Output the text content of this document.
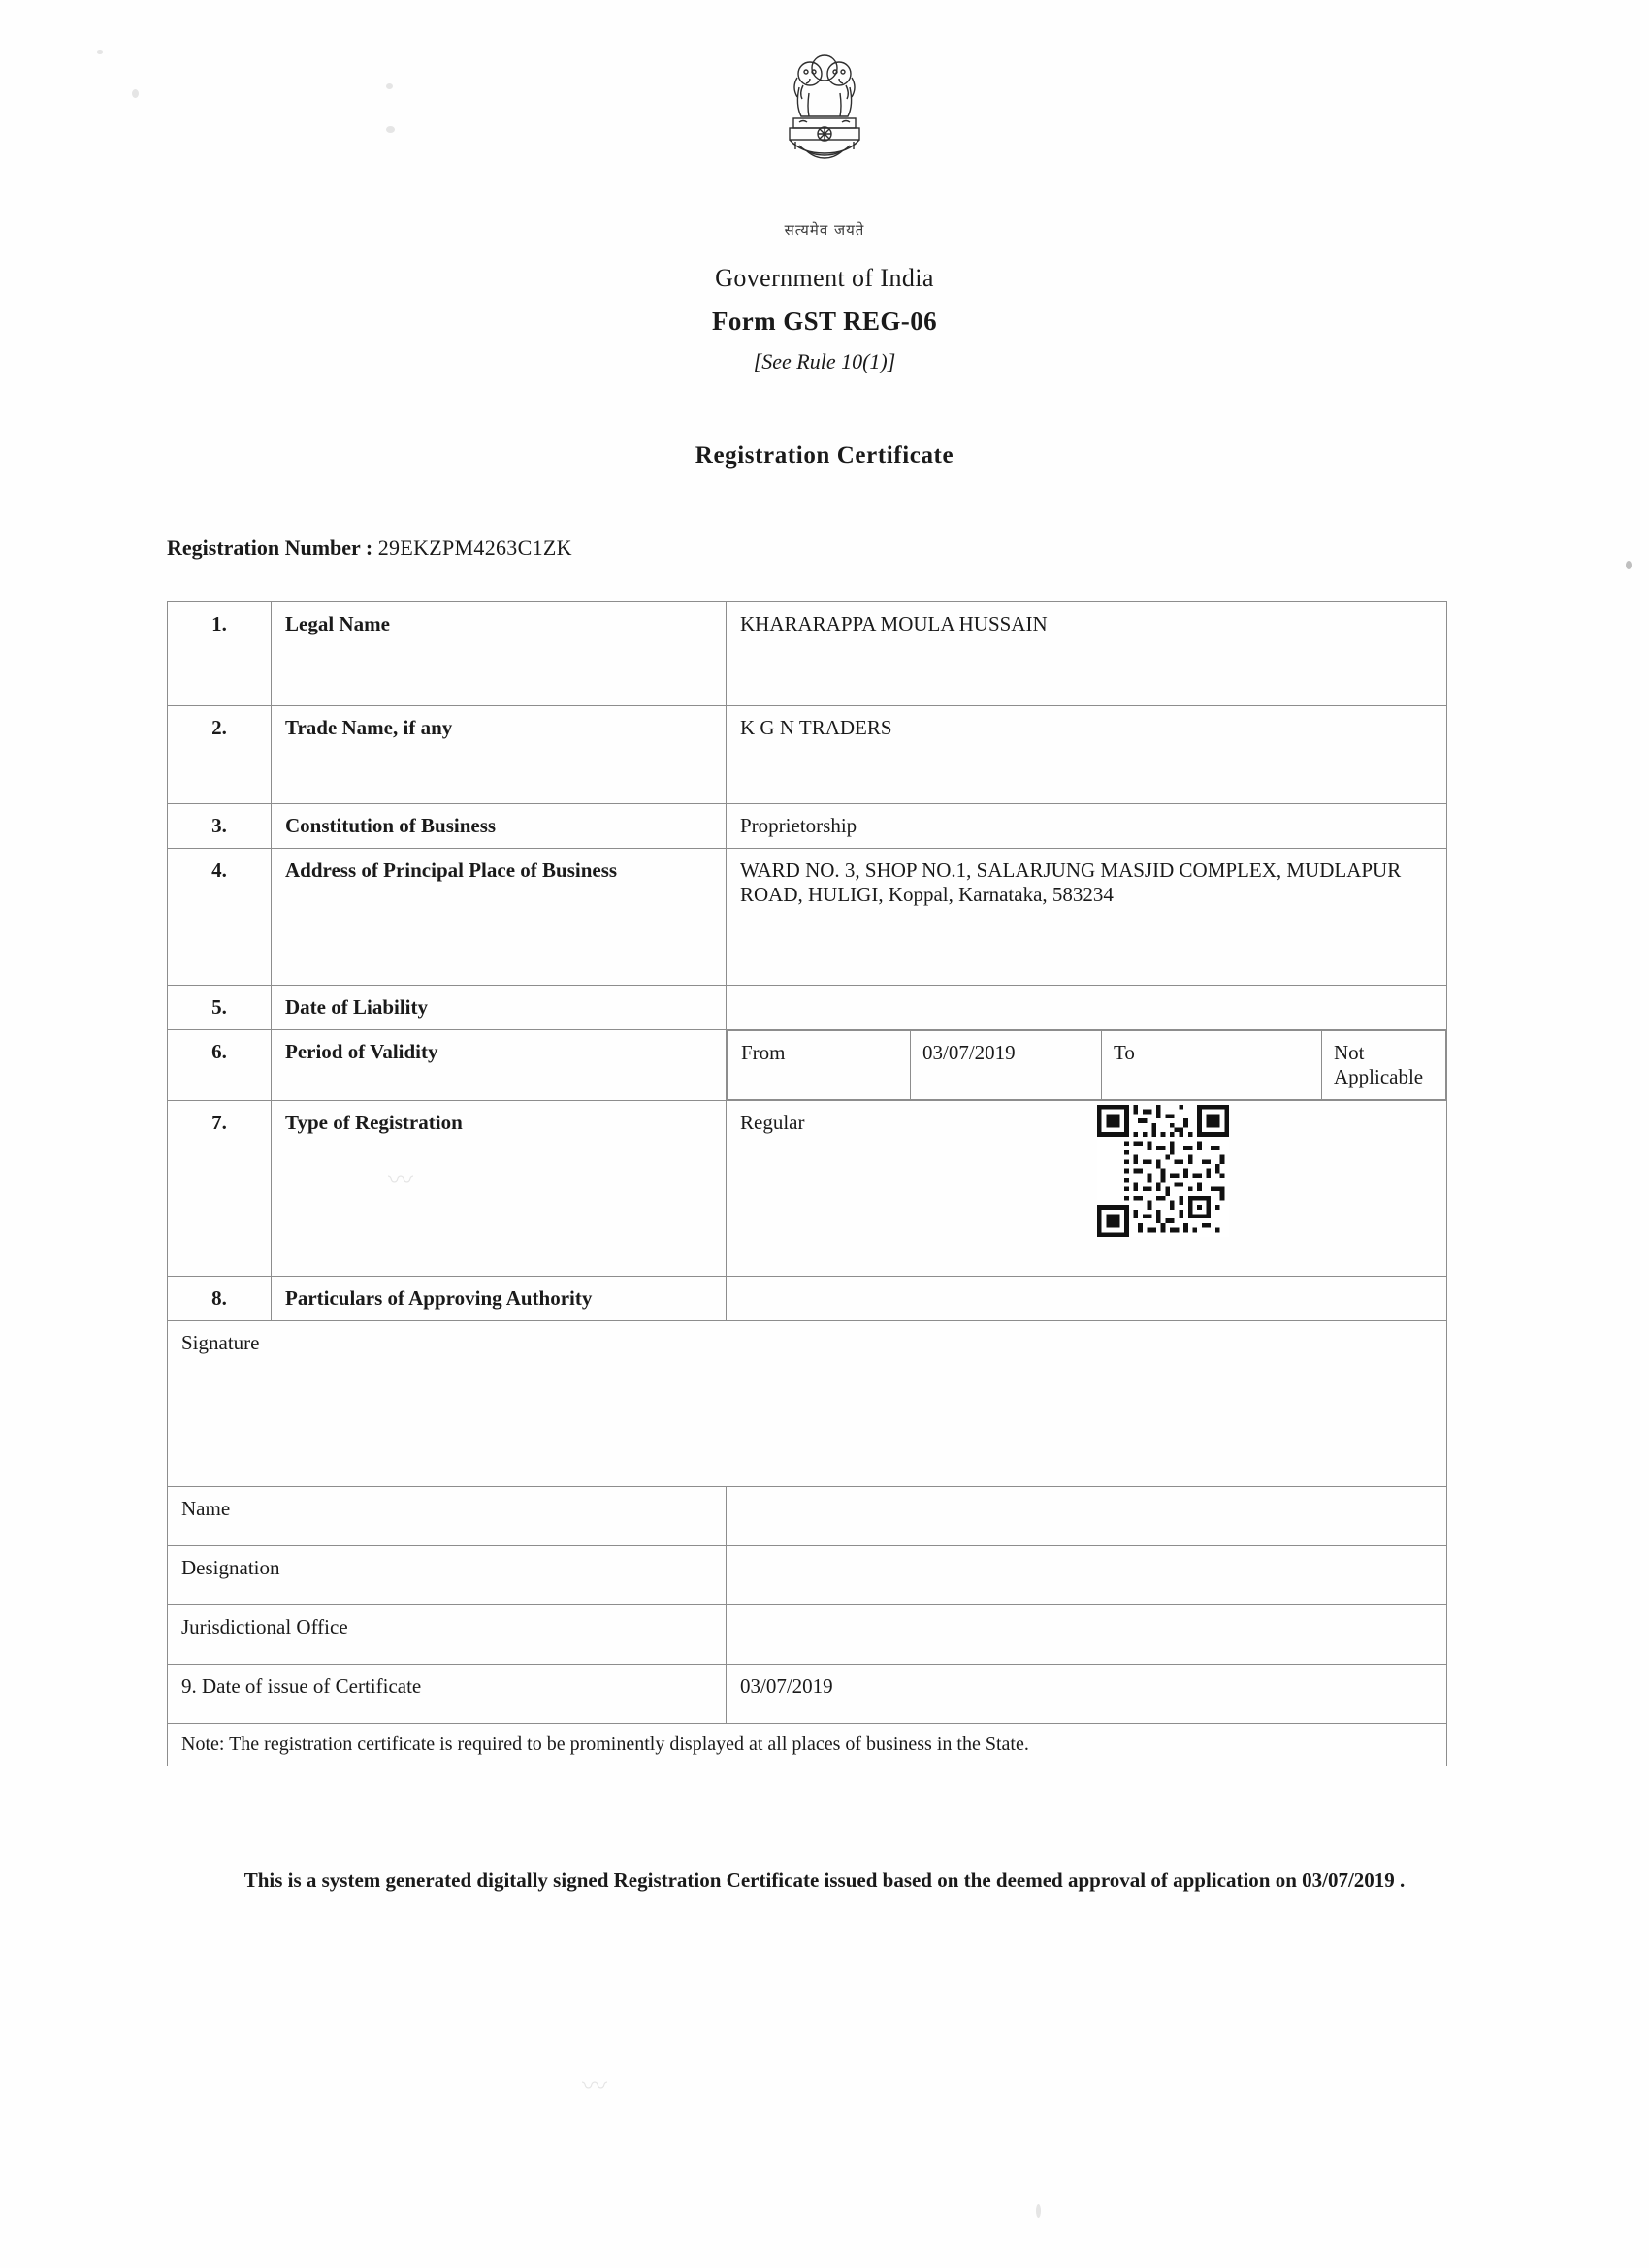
सत्यमेव जयते
Government of India
Form GST REG-06
[See Rule 10(1)]
Registration Certificate
Registration Number : 29EKZPM4263C1ZK
1.	Legal Name	KHARARAPPA MOULA HUSSAIN
2.	Trade Name, if any	K G N TRADERS
3.	Constitution of Business	Proprietorship
4.	Address of Principal Place of Business	WARD NO. 3, SHOP NO.1, SALARJUNG MASJID COMPLEX, MUDLAPUR ROAD, HULIGI, Koppal, Karnataka, 583234
5.	Date of Liability	
6.	Period of Validity		From	03/07/2019	To	Not Applicable

7.	Type of Registration	Regular

8.	Particulars of Approving Authority	
Signature
Name	
Designation	
Jurisdictional Office	
9. Date of issue of Certificate	03/07/2019
Note: The registration certificate is required to be prominently displayed at all places of business in the State.
This is a system generated digitally signed Registration Certificate issued based on the deemed approval of application on 03/07/2019 .
〰
〰
